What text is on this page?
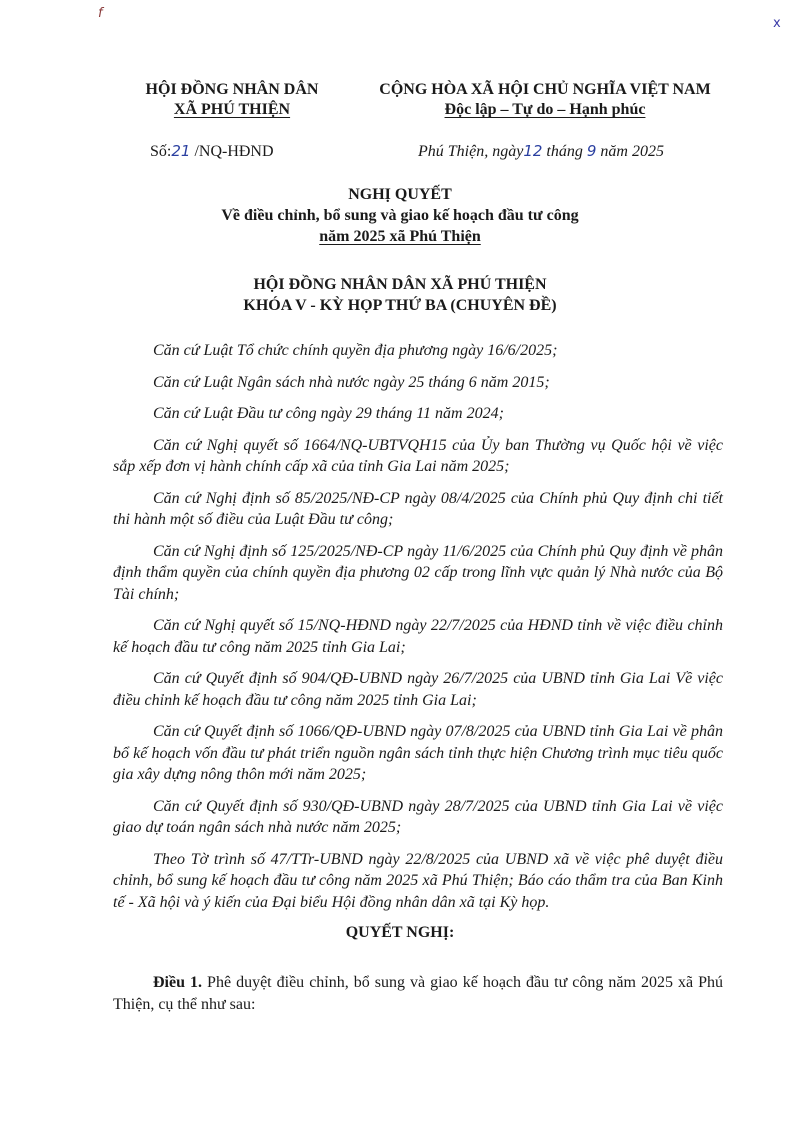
f
x
HỘI ĐỒNG NHÂN DÂN
XÃ PHÚ THIỆN
CỘNG HÒA XÃ HỘI CHỦ NGHĨA VIỆT NAM
Độc lập – Tự do – Hạnh phúc
Số:21 /NQ-HĐND	Phú Thiện, ngày12 tháng 9 năm 2025
NGHỊ QUYẾT
Về điều chỉnh, bổ sung và giao kế hoạch đầu tư công
năm 2025 xã Phú Thiện
HỘI ĐỒNG NHÂN DÂN XÃ PHÚ THIỆN
KHÓA V - KỲ HỌP THỨ BA (CHUYÊN ĐỀ)

Căn cứ Luật Tổ chức chính quyền địa phương ngày 16/6/2025;

Căn cứ Luật Ngân sách nhà nước ngày 25 tháng 6 năm 2015;

Căn cứ Luật Đầu tư công ngày 29 tháng 11 năm 2024;

Căn cứ Nghị quyết số 1664/NQ-UBTVQH15 của Ủy ban Thường vụ Quốc hội về việc sắp xếp đơn vị hành chính cấp xã của tỉnh Gia Lai năm 2025;

Căn cứ Nghị định số 85/2025/NĐ-CP ngày 08/4/2025 của Chính phủ Quy định chi tiết thi hành một số điều của Luật Đầu tư công;

Căn cứ Nghị định số 125/2025/NĐ-CP ngày 11/6/2025 của Chính phủ Quy định về phân định thẩm quyền của chính quyền địa phương 02 cấp trong lĩnh vực quản lý Nhà nước của Bộ Tài chính;

Căn cứ Nghị quyết số 15/NQ-HĐND ngày 22/7/2025 của HĐND tỉnh về việc điều chỉnh kế hoạch đầu tư công năm 2025 tỉnh Gia Lai;

Căn cứ Quyết định số 904/QĐ-UBND ngày 26/7/2025 của UBND tỉnh Gia Lai Về việc điều chỉnh kế hoạch đầu tư công năm 2025 tỉnh Gia Lai;

Căn cứ Quyết định số 1066/QĐ-UBND ngày 07/8/2025 của UBND tỉnh Gia Lai về phân bổ kế hoạch vốn đầu tư phát triển nguồn ngân sách tỉnh thực hiện Chương trình mục tiêu quốc gia xây dựng nông thôn mới năm 2025;

Căn cứ Quyết định số 930/QĐ-UBND ngày 28/7/2025 của UBND tỉnh Gia Lai về việc giao dự toán ngân sách nhà nước năm 2025;

Theo Tờ trình số 47/TTr-UBND ngày 22/8/2025 của UBND xã về việc phê duyệt điều chỉnh, bổ sung kế hoạch đầu tư công năm 2025 xã Phú Thiện; Báo cáo thẩm tra của Ban Kinh tế - Xã hội và ý kiến của Đại biểu Hội đồng nhân dân xã tại Kỳ họp.

QUYẾT NGHỊ:
Điều 1. Phê duyệt điều chỉnh, bổ sung và giao kế hoạch đầu tư công năm 2025 xã Phú Thiện, cụ thể như sau:
